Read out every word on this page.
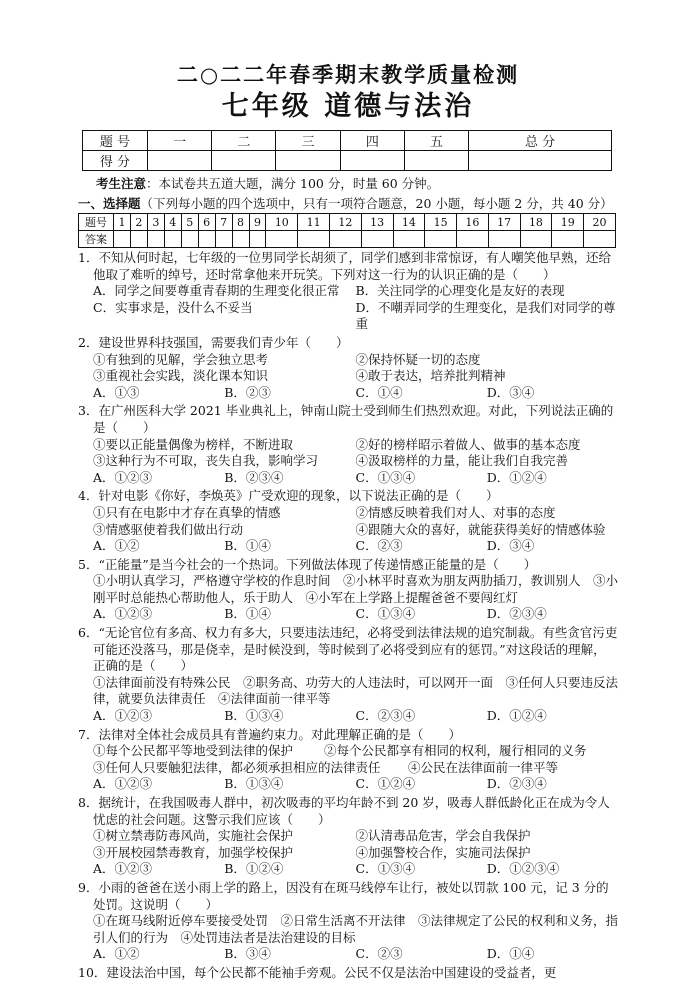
二○二二年春季期末教学质量检测
七年级 道德与法治
题 号	一	二	三	四	五	总 分
得 分						

考生注意：本试卷共五道大题，满分 100 分，时量 60 分钟。

一、选择题（下列每小题的四个选项中，只有一项符合题意，20 小题，每小题 2 分，共 40 分）

题号	1	2	3	4	5	6	7	8	9	10	11	12	13	14	15	16	17	18	19	20
答案																				

1．不知从何时起，七年级的一位男同学长胡须了，同学们感到非常惊讶，有人嘲笑他早熟，还给他取了难听的绰号，还时常拿他来开玩笑。下列对这一行为的认识正确的是（　　）

A．同学之间要尊重青春期的生理变化很正常	B．关注同学的心理变化是友好的表现
C．实事求是，没什么不妥当	D．不嘲弄同学的生理变化，是我们对同学的尊重

2．建设世界科技强国，需要我们青少年（　　）

①有独到的见解，学会独立思考	②保持怀疑一切的态度
③重视社会实践，淡化课本知识	④敢于表达，培养批判精神
A．①③	B．②③	C．①④	D．③④

3．在广州医科大学 2021 毕业典礼上，钟南山院士受到师生们热烈欢迎。对此，下列说法正确的是（　　）

①要以正能量偶像为榜样，不断进取	②好的榜样昭示着做人、做事的基本态度
③这种行为不可取，丧失自我，影响学习	④汲取榜样的力量，能让我们自我完善
A．①②③	B．②③④	C．①③④	D．①②④

4．针对电影《你好，李焕英》广受欢迎的现象，以下说法正确的是（　　）

①只有在电影中才存在真挚的情感	②情感反映着我们对人、对事的态度
③情感驱使着我们做出行动	④跟随大众的喜好，就能获得美好的情感体验
A．①②	B．①④	C．②③	D．③④

5．“正能量”是当今社会的一个热词。下列做法体现了传递情感正能量的是（　　）

①小明认真学习，严格遵守学校的作息时间　②小林平时喜欢为朋友两肋插刀，教训别人　③小刚平时总能热心帮助他人，乐于助人　④小军在上学路上提醒爸爸不要闯红灯

A．①②③	B．①④	C．①③④	D．②③④

6．“无论官位有多高、权力有多大，只要违法违纪，必将受到法律法规的追究制裁。有些贪官污吏可能还没落马，那是侥幸，是时候没到，等时候到了必将受到应有的惩罚。”对这段话的理解，正确的是（　　）

①法律面前没有特殊公民　②职务高、功劳大的人违法时，可以网开一面　③任何人只要违反法律，就要负法律责任　④法律面前一律平等

A．①②③	B．①③④	C．②③④	D．①②④

7．法律对全体社会成员具有普遍约束力。对此理解正确的是（　　）

①每个公民都平等地受到法律的保护	②每个公民都享有相同的权利，履行相同的义务
③任何人只要触犯法律，都必须承担相应的法律责任	④公民在法律面前一律平等
A．①②③	B．①③④	C．①②④	D．②③④

8．据统计，在我国吸毒人群中，初次吸毒的平均年龄不到 20 岁，吸毒人群低龄化正在成为令人忧虑的社会问题。这警示我们应该（　　）

①树立禁毒防毒风尚，实施社会保护	②认清毒品危害，学会自我保护
③开展校园禁毒教育，加强学校保护	④加强警校合作，实施司法保护
A．①②③	B．①②④	C．①③④	D．①②③④

9．小雨的爸爸在送小雨上学的路上，因没有在斑马线停车让行，被处以罚款 100 元，记 3 分的处罚。这说明（　　）

①在斑马线附近停车要接受处罚　②日常生活离不开法律　③法律规定了公民的权利和义务，指引人们的行为　④处罚违法者是法治建设的目标

A．①②	B．③④	C．②③	D．①④

10．建设法治中国，每个公民都不能袖手旁观。公民不仅是法治中国建设的受益者，更
